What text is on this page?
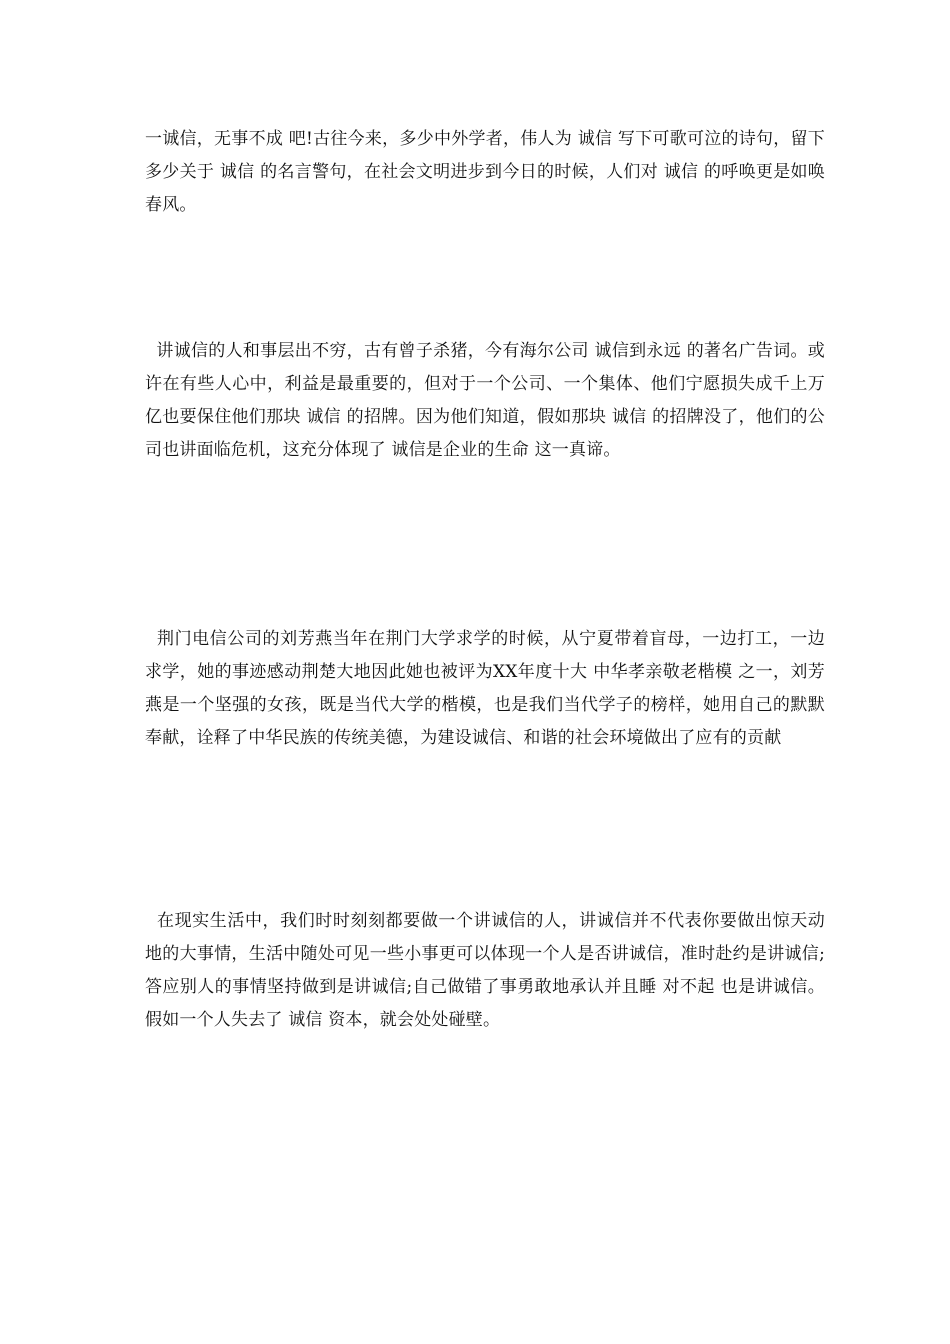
一诚信，无事不成 吧!古往今来，多少中外学者，伟人为 诚信 写下可歌可泣的诗句，留下多少关于 诚信 的名言警句，在社会文明进步到今日的时候，人们对 诚信 的呼唤更是如唤春风。

讲诚信的人和事层出不穷，古有曾子杀猪，今有海尔公司 诚信到永远 的著名广告词。或许在有些人心中，利益是最重要的，但对于一个公司、一个集体、他们宁愿损失成千上万亿也要保住他们那块 诚信 的招牌。因为他们知道，假如那块 诚信 的招牌没了，他们的公司也讲面临危机，这充分体现了 诚信是企业的生命 这一真谛。

荆门电信公司的刘芳燕当年在荆门大学求学的时候，从宁夏带着盲母，一边打工，一边求学，她的事迹感动荆楚大地因此她也被评为XX年度十大 中华孝亲敬老楷模 之一，刘芳燕是一个坚强的女孩，既是当代大学的楷模，也是我们当代学子的榜样，她用自己的默默奉献，诠释了中华民族的传统美德，为建设诚信、和谐的社会环境做出了应有的贡献

在现实生活中，我们时时刻刻都要做一个讲诚信的人，讲诚信并不代表你要做出惊天动地的大事情，生活中随处可见一些小事更可以体现一个人是否讲诚信，准时赴约是讲诚信;答应别人的事情坚持做到是讲诚信;自己做错了事勇敢地承认并且睡 对不起 也是讲诚信。假如一个人失去了 诚信 资本，就会处处碰壁。
